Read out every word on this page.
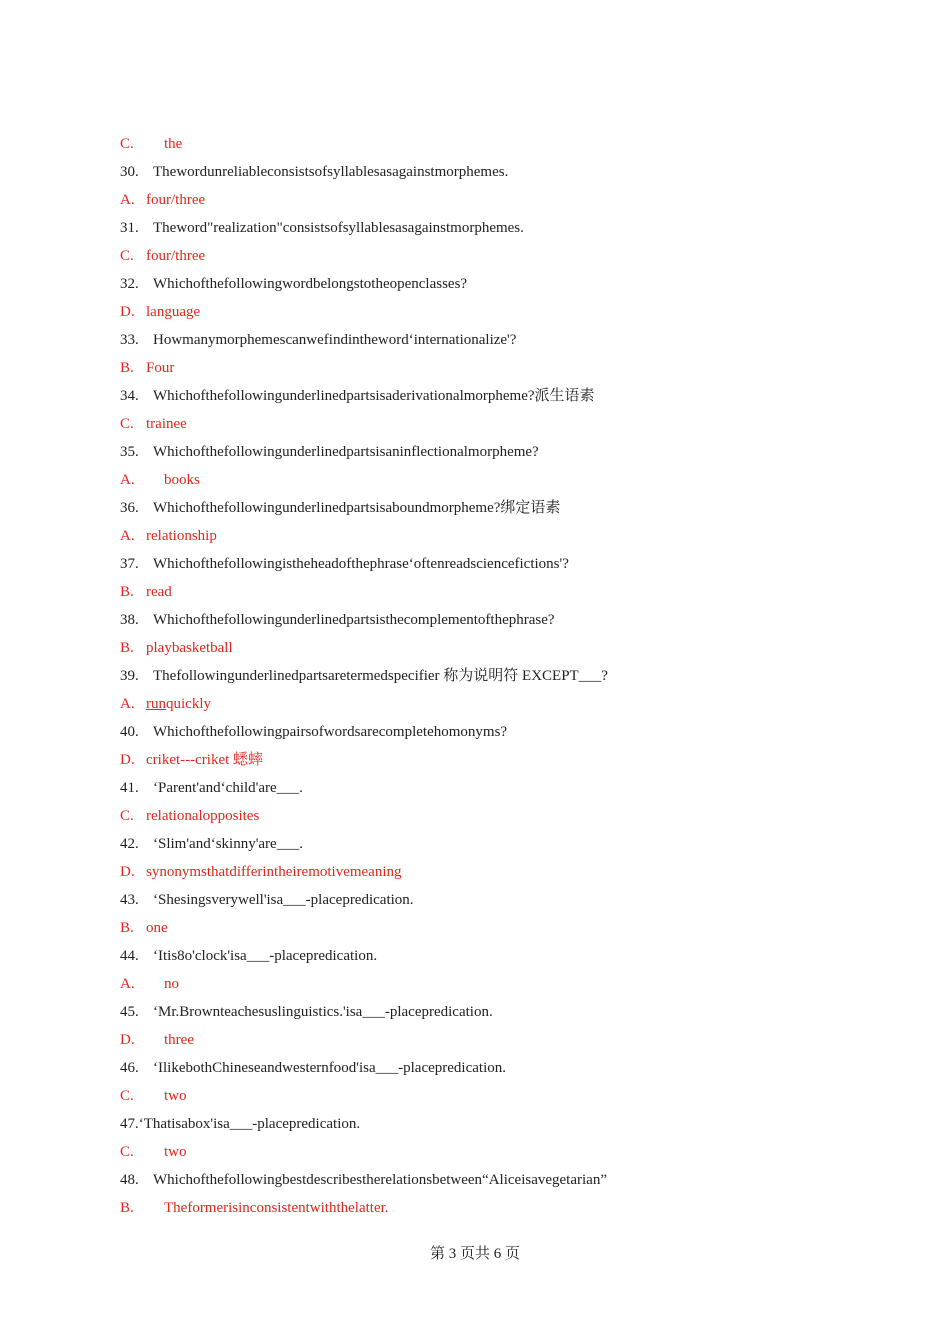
C. the
30. Thewordunreliableconsistsofsyllablesasagainstmorphemes.
A. four/three
31. Theword"realization"consistsofsyllablesasagainstmorphemes.
C. four/three
32. Whichofthefollowingwordbelongstotheopenclasses?
D. language
33. Howmanymorphemescanwefindintheword‘internationalize'?
B. Four
34. Whichofthefollowingunderlinedpartsisaderivationalmorpheme?派生语素
C. trainee
35. Whichofthefollowingunderlinedpartsisaninflectionalmorpheme?
A. books
36. Whichofthefollowingunderlinedpartsisaboundmorpheme?绑定语素
A. relationship
37. Whichofthefollowingistheheadofthephrase‘oftenreadsciencefictions'?
B. read
38. Whichofthefollowingunderlinedpartsisthecomplementofthephrase?
B. playbasketball
39. Thefollowingunderlinedpartsaretermedspecifier 称为说明符 EXCEPT___?
A. runquickly
40. Whichofthefollowingpairsofwordsarecompletehomonyms?
D. criket---criket 蟋蟀
41. ‘Parent'and‘child'are___.
C. relationalopposites
42. ‘Slim'and‘skinny'are___.
D. synonymsthatdifferintheiremotivemeaning
43. ‘Shesingsverywell'isa___-placepredication.
B. one
44. ‘Itis8o'clock'isa___-placepredication.
A. no
45. ‘Mr.Brownteachesuslinguistics.'isa___-placepredication.
D. three
46. ‘IlikebothChineseandwesternfood'isa___-placepredication.
C. two
47.‘Thatisabox'isa___-placepredication.
C. two
48. Whichofthefollowingbestdescribestherelationsbetween“Aliceisavegetarian”
B. Theformerisinconsistentwiththelatter.
第 3 页共 6 页
